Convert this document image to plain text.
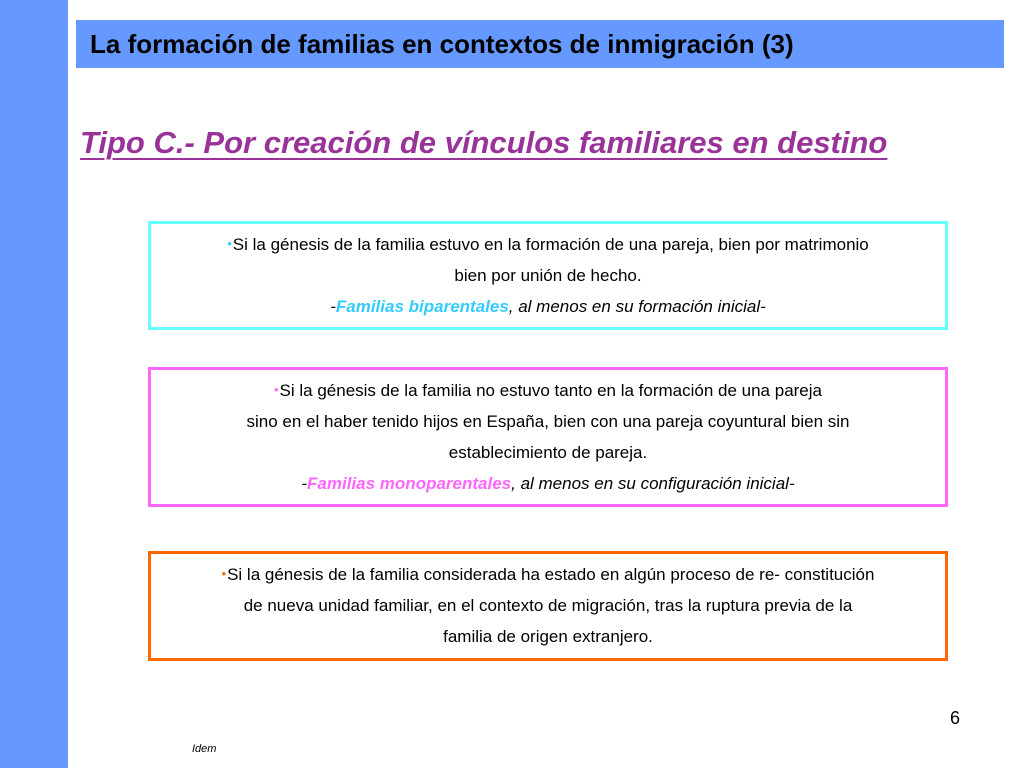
La formación de familias en contextos de inmigración (3)
Tipo C.- Por creación de vínculos familiares en destino
•Si la génesis de la familia estuvo en la formación de una pareja, bien por matrimonio
bien por unión de hecho.
-Familias biparentales, al menos en su formación inicial-
•Si la génesis de la familia no estuvo tanto en la formación de una pareja
sino en el haber tenido hijos en España, bien con una pareja coyuntural bien sin
establecimiento de pareja.
-Familias monoparentales, al menos en su configuración inicial-
•Si la génesis de la familia considerada ha estado en algún proceso de re- constitución
de nueva unidad familiar, en el contexto de migración, tras la ruptura previa de la
familia de origen extranjero.
6
Idem
